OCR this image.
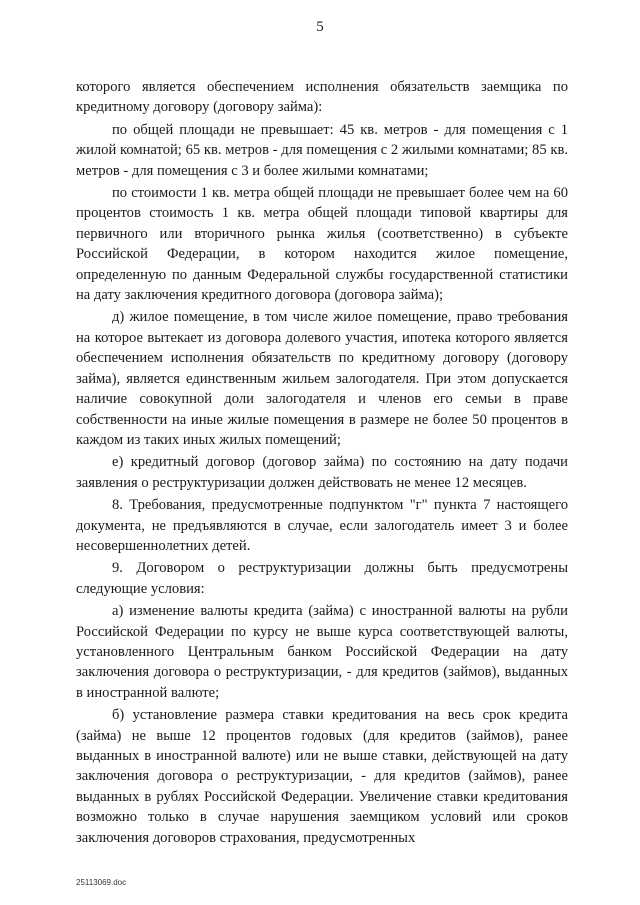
5

которого является обеспечением исполнения обязательств заемщика по кредитному договору (договору займа):

по общей площади не превышает: 45 кв. метров - для помещения с 1 жилой комнатой; 65 кв. метров - для помещения с 2 жилыми комнатами; 85 кв. метров - для помещения с 3 и более жилыми комнатами;

по стоимости 1 кв. метра общей площади не превышает более чем на 60 процентов стоимость 1 кв. метра общей площади типовой квартиры для первичного или вторичного рынка жилья (соответственно) в субъекте Российской Федерации, в котором находится жилое помещение, определенную по данным Федеральной службы государственной статистики на дату заключения кредитного договора (договора займа);

д) жилое помещение, в том числе жилое помещение, право требования на которое вытекает из договора долевого участия, ипотека которого является обеспечением исполнения обязательств по кредитному договору (договору займа), является единственным жильем залогодателя. При этом допускается наличие совокупной доли залогодателя и членов его семьи в праве собственности на иные жилые помещения в размере не более 50 процентов в каждом из таких иных жилых помещений;

е) кредитный договор (договор займа) по состоянию на дату подачи заявления о реструктуризации должен действовать не менее 12 месяцев.

8. Требования, предусмотренные подпунктом "г" пункта 7 настоящего документа, не предъявляются в случае, если залогодатель имеет 3 и более несовершеннолетних детей.

9. Договором о реструктуризации должны быть предусмотрены следующие условия:

а) изменение валюты кредита (займа) с иностранной валюты на рубли Российской Федерации по курсу не выше курса соответствующей валюты, установленного Центральным банком Российской Федерации на дату заключения договора о реструктуризации, - для кредитов (займов), выданных в иностранной валюте;

б) установление размера ставки кредитования на весь срок кредита (займа) не выше 12 процентов годовых (для кредитов (займов), ранее выданных в иностранной валюте) или не выше ставки, действующей на дату заключения договора о реструктуризации, - для кредитов (займов), ранее выданных в рублях Российской Федерации. Увеличение ставки кредитования возможно только в случае нарушения заемщиком условий или сроков заключения договоров страхования, предусмотренных

25113069.doc
